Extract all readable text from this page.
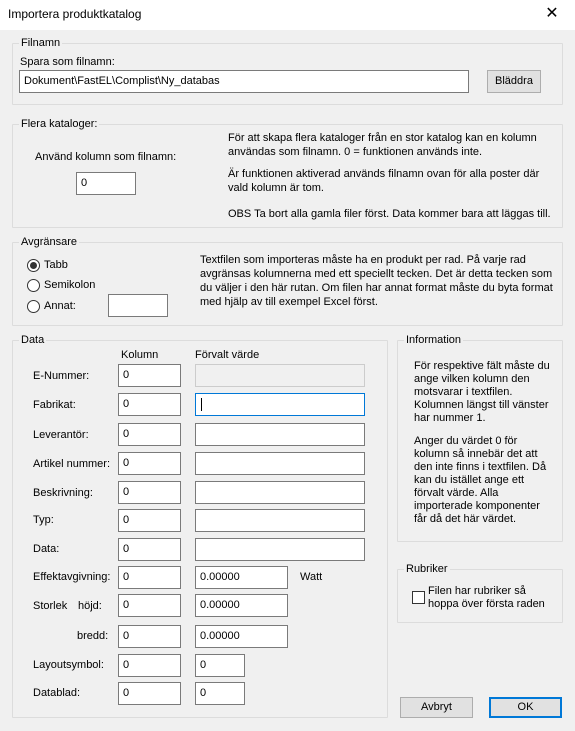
Importera produktkatalog	✕
Filnamn
Spara som filnamn:
Dokument\FastEL\Complist\Ny_databas	Bläddra
Flera kataloger:
Använd kolumn som filnamn:
0

För att skapa flera kataloger från en stor katalog kan en kolumn användas som filnamn. 0 = funktionen används inte.

Är funktionen aktiverad används filnamn ovan för alla poster där vald kolumn är tom.

OBS Ta bort alla gamla filer först. Data kommer bara att läggas till.

Avgränsare
Tabb
Semikolon
Annat:
Textfilen som importeras måste ha en produkt per rad. På varje rad avgränsas kolumnerna med ett speciellt tecken. Det är detta tecken som du väljer i den här rutan. Om filen har annat format måste du byta format med hjälp av till exempel Excel först.
Data
Kolumn	Förvalt värde
E-Nummer:	0
Fabrikat:	0
Leverantör:	0
Artikel nummer:	0
Beskrivning:	0
Typ:	0
Data:	0
Effektavgivning:	0	0.00000	Watt
Storlek höjd:	0	0.00000
bredd:	0	0.00000
Layoutsymbol:	0	0
Datablad:	0	0
Information

För respektive fält måste du ange vilken kolumn den motsvarar i textfilen. Kolumnen längst till vänster har nummer 1.

Anger du värdet 0 för kolumn så innebär det att den inte finns i textfilen. Då kan du istället ange ett förvalt värde. Alla importerade komponenter får då det här värdet.

Rubriker
Filen har rubriker så hoppa över första raden
Avbryt	OK
